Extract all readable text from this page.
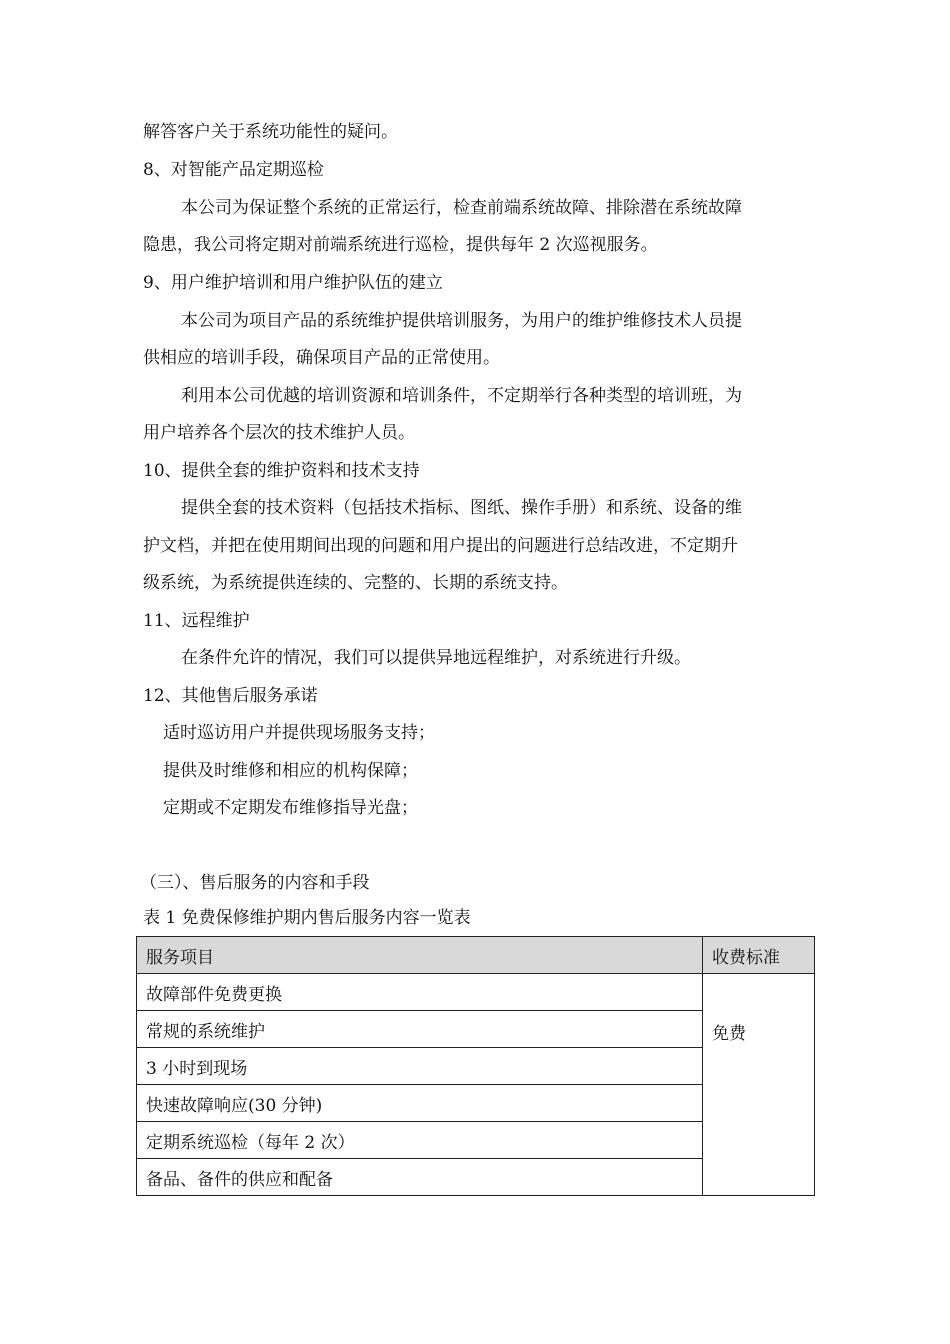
解答客户关于系统功能性的疑问。
8、对智能产品定期巡检
本公司为保证整个系统的正常运行，检查前端系统故障、排除潜在系统故障
隐患，我公司将定期对前端系统进行巡检，提供每年 2 次巡视服务。
9、用户维护培训和用户维护队伍的建立
本公司为项目产品的系统维护提供培训服务，为用户的维护维修技术人员提
供相应的培训手段，确保项目产品的正常使用。
利用本公司优越的培训资源和培训条件，不定期举行各种类型的培训班，为
用户培养各个层次的技术维护人员。
10、提供全套的维护资料和技术支持
提供全套的技术资料（包括技术指标、图纸、操作手册）和系统、设备的维
护文档，并把在使用期间出现的问题和用户提出的问题进行总结改进，不定期升
级系统，为系统提供连续的、完整的、长期的系统支持。
11、远程维护
在条件允许的情况，我们可以提供异地远程维护，对系统进行升级。
12、其他售后服务承诺
适时巡访用户并提供现场服务支持；
提供及时维修和相应的机构保障；
定期或不定期发布维修指导光盘；
（三）、售后服务的内容和手段
表 1 免费保修维护期内售后服务内容一览表
服务项目	收费标准
故障部件免费更换	免费
常规的系统维护	
3 小时到现场	
快速故障响应(30 分钟)	
定期系统巡检（每年 2 次）	
备品、备件的供应和配备	
